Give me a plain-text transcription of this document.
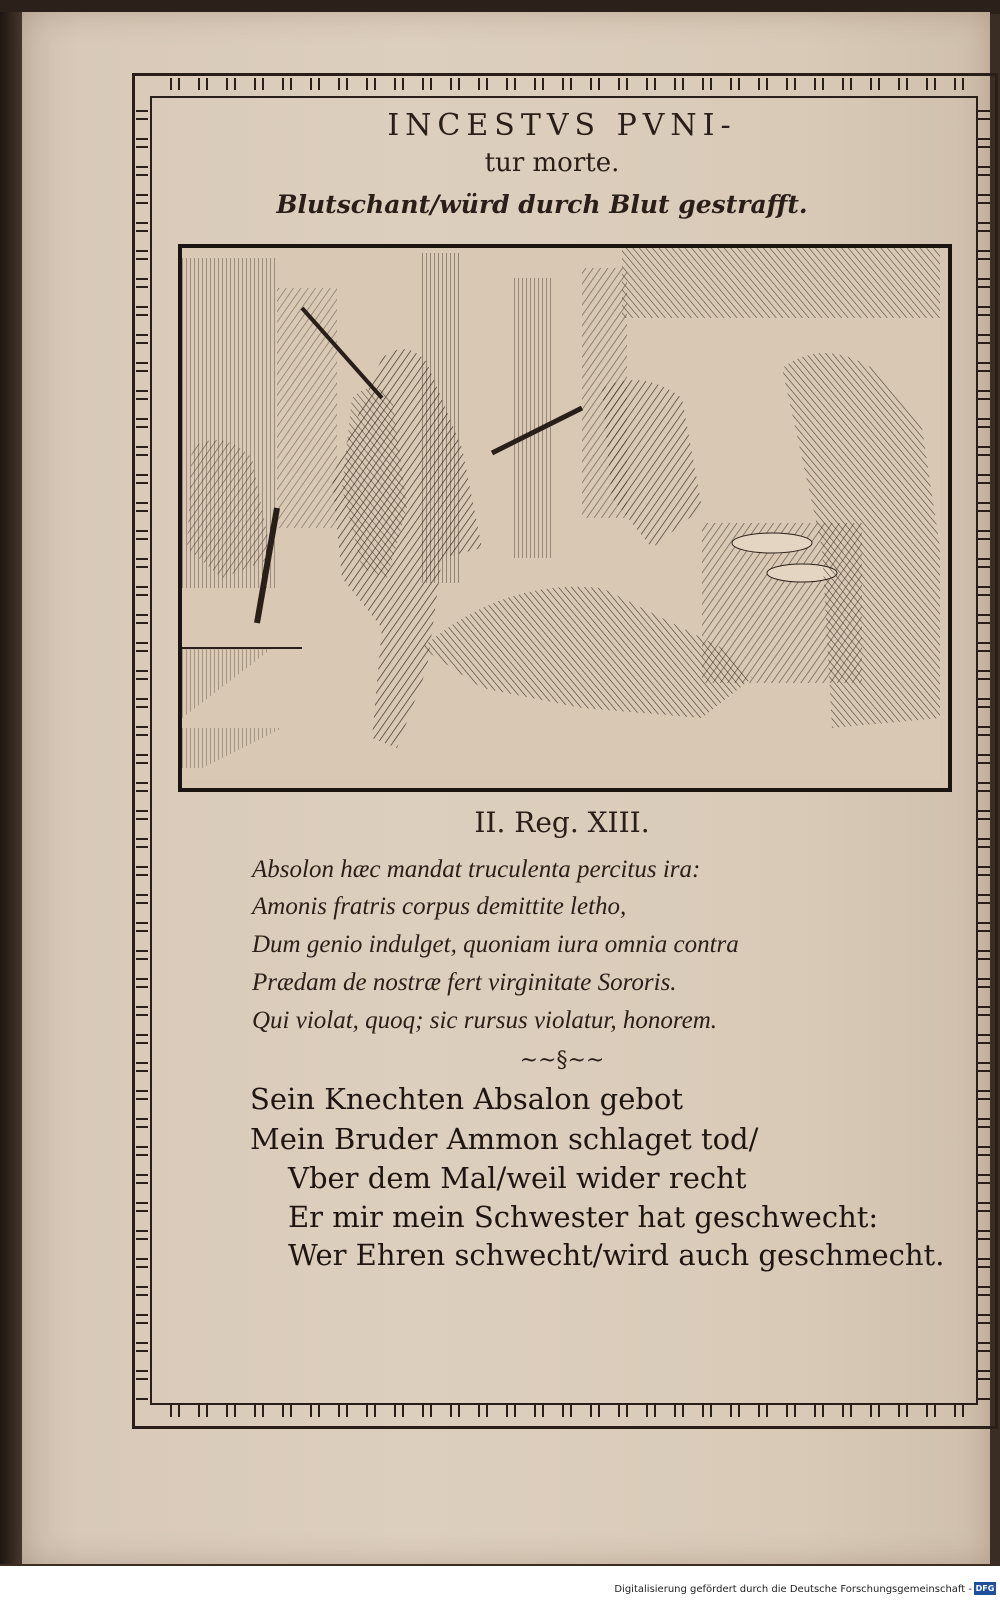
INCESTVS PVNI-
tur morte.
Blutschant/würd durch Blut gestrafft.
II. Reg. XIII.
Absolon hæc mandat truculenta percitus ira:
Amonis fratris corpus demittite letho,
Dum genio indulget, quoniam iura omnia contra
Prædam de nostræ fert virginitate Sororis.
Qui violat, quoq; sic rursus violatur, honorem.
~~§~~
Sein Knechten Absalon gebot
Mein Bruder Ammon schlaget tod/
Vber dem Mal/weil wider recht
Er mir mein Schwester hat geschwecht:
Wer Ehren schwecht/wird auch geschmecht.
Digitalisierung gefördert durch die Deutsche Forschungsgemeinschaft - DFG
